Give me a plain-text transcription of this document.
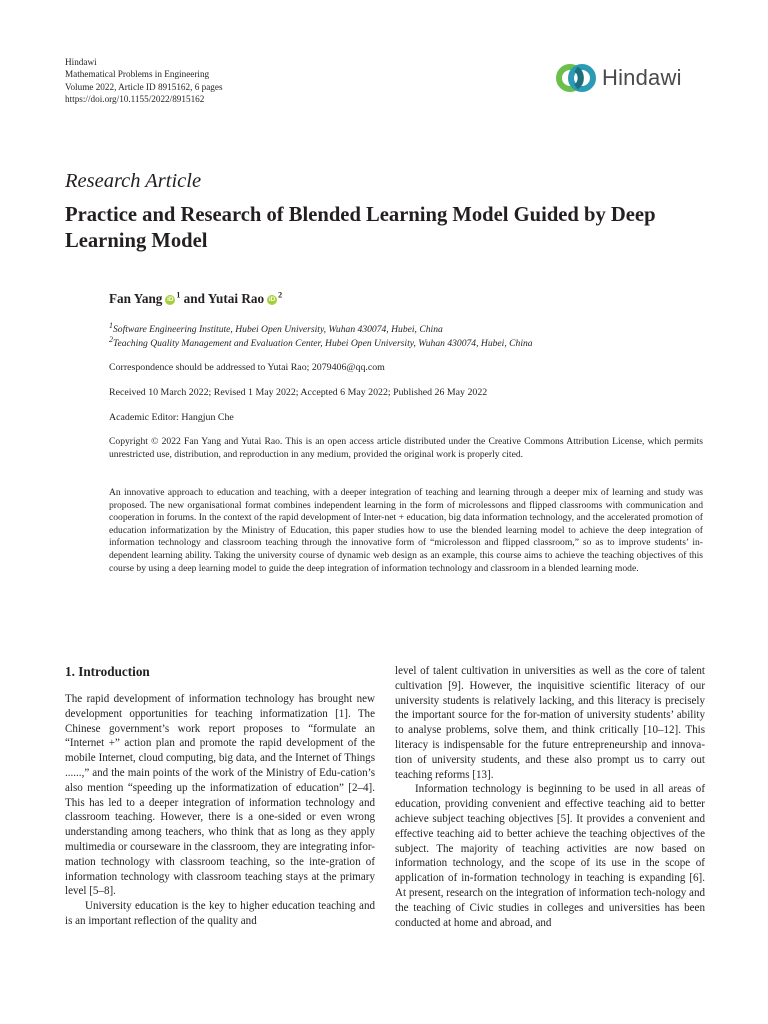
Hindawi
Mathematical Problems in Engineering
Volume 2022, Article ID 8915162, 6 pages
https://doi.org/10.1155/2022/8915162
Hindawi
Research Article
Practice and Research of Blended Learning Model Guided by Deep Learning Model
Fan Yang iD $^1$ and Yutai Rao iD $^2$
$^1$Software Engineering Institute, Hubei Open University, Wuhan 430074, Hubei, China
$^2$Teaching Quality Management and Evaluation Center, Hubei Open University, Wuhan 430074, Hubei, China
Correspondence should be addressed to Yutai Rao; 2079406@qq.com
Received 10 March 2022; Revised 1 May 2022; Accepted 6 May 2022; Published 26 May 2022
Academic Editor: Hangjun Che
Copyright © 2022 Fan Yang and Yutai Rao. This is an open access article distributed under the Creative Commons Attribution License, which permits unrestricted use, distribution, and reproduction in any medium, provided the original work is properly cited.
An innovative approach to education and teaching, with a deeper integration of teaching and learning through a deeper mix of learning and study was proposed. The new organisational format combines independent learning in the form of microlessons and flipped classrooms with communication and cooperation in forums. In the context of the rapid development of Inter-net + education, big data information technology, and the accelerated promotion of education informatization by the Ministry of Education, this paper studies how to use the blended learning model to achieve the deep integration of information technology and classroom teaching through the innovative form of “microlesson and flipped classroom,” so as to improve students’ in-dependent learning ability. Taking the university course of dynamic web design as an example, this course aims to achieve the teaching objectives of this course by using a deep learning model to guide the deep integration of information technology and classroom in a blended learning mode.
1. Introduction

The rapid development of information technology has brought new development opportunities for teaching informatization [1]. The Chinese government’s work report proposes to “formulate an “Internet +” action plan and promote the rapid development of the mobile Internet, cloud computing, big data, and the Internet of Things ......,” and the main points of the work of the Ministry of Edu-cation’s also mention “speeding up the informatization of education” [2–4]. This has led to a deeper integration of information technology and classroom teaching. However, there is a one-sided or even wrong understanding among teachers, who think that as long as they apply multimedia or courseware in the classroom, they are integrating infor-mation technology with classroom teaching, so the inte-gration of information technology with classroom teaching stays at the primary level [5–8].

University education is the key to higher education teaching and is an important reflection of the quality and

level of talent cultivation in universities as well as the core of talent cultivation [9]. However, the inquisitive scientific literacy of our university students is relatively lacking, and this literacy is precisely the important source for the for-mation of university students’ ability to analyse problems, solve them, and think critically [10–12]. This literacy is indispensable for the future entrepreneurship and innova-tion of university students, and these also prompt us to carry out teaching reforms [13].

Information technology is beginning to be used in all areas of education, providing convenient and effective teaching aid to better achieve subject teaching objectives [5]. It provides a convenient and effective teaching aid to better achieve the teaching objectives of the subject. The majority of teaching activities are now based on information technology, and the scope of its use in the scope of application of in-formation technology in teaching is expanding [6]. At present, research on the integration of information tech-nology and the teaching of Civic studies in colleges and universities has been conducted at home and abroad, and
